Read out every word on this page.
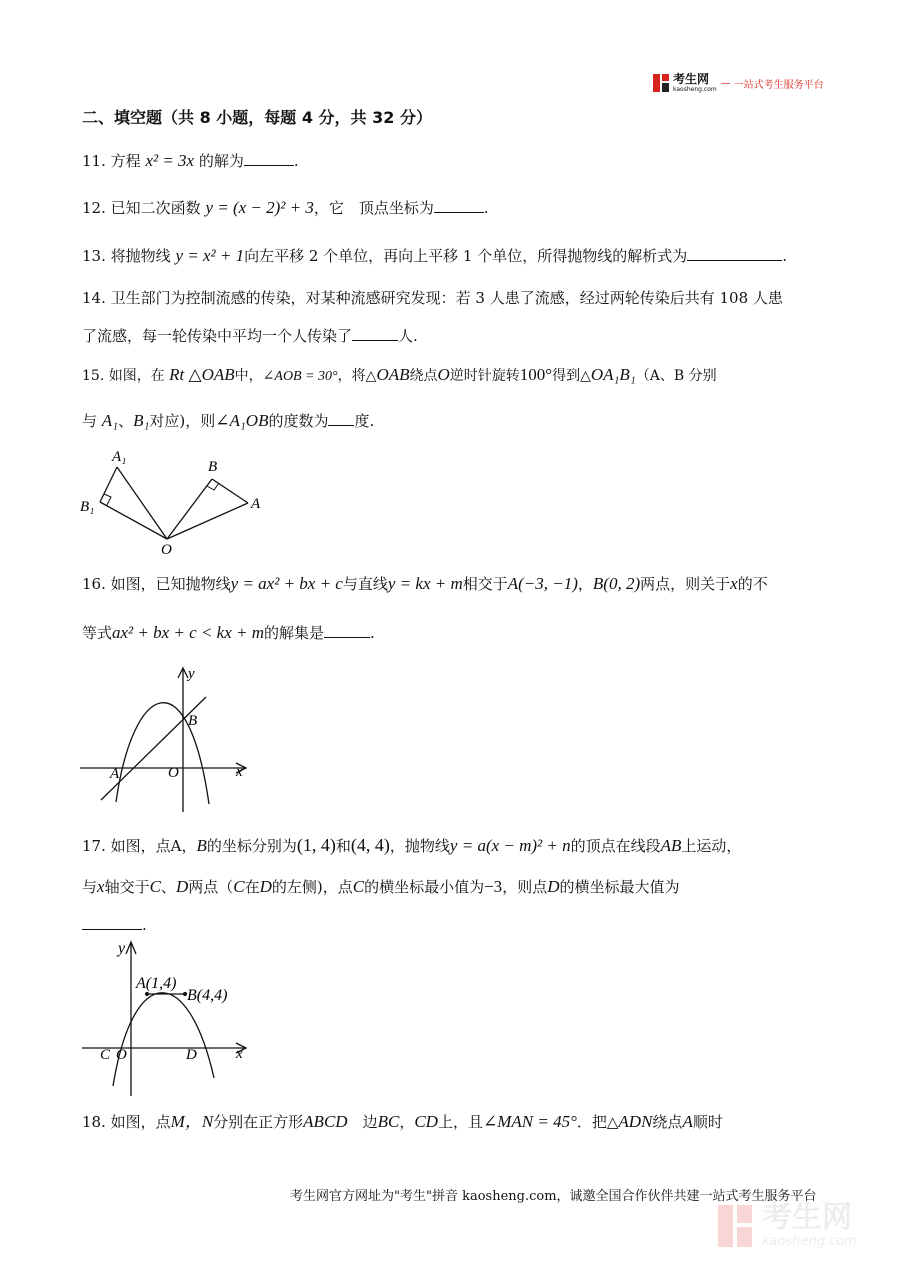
考生网
kaosheng.com
— 一站式考生服务平台
二、填空题（共 8 小题，每题 4 分，共 32 分）
11. 方程 x² = 3x 的解为	.
12. 已知二次函数 y = (x − 2)² + 3，它　顶点坐标为	.
13. 将抛物线 y = x² + 1向左平移 2 个单位，再向上平移 1 个单位，所得抛物线的解析式为	.
14. 卫生部门为控制流感的传染，对某种流感研究发现：若 3 人患了流感，经过两轮传染后共有 108 人患
了流感，每一轮传染中平均一个人传染了	人.
15. 如图，在 Rt △OAB中，∠AOB = 30°，将△OAB绕点O逆时针旋转100°得到△OA₁B₁（A、B 分别
与 A₁、B₁对应)，则∠A₁OB的度数为 度.
A₁
B₁
O
B
A
16. 如图，已知抛物线y = ax² + bx + c与直线y = kx + m相交于A(−3, −1)，B(0, 2)两点，则关于x的不
等式ax² + bx + c < kx + m的解集是	.
y
x
O
A
B
17. 如图，点A，B的坐标分别为(1, 4)和(4, 4)，抛物线y = a(x − m)² + n的顶点在线段AB上运动，
与x轴交于C、D两点（C在D的左侧)，点C的横坐标最小值为−3，则点D的横坐标最大值为
.
y
x
A(1,4)
B(4,4)
C O	D
18. 如图，点M，N分别在正方形ABCD　边BC，CD上，且∠MAN = 45°．把△ADN绕点A顺时
考生网官方网址为"考生"拼音 kaosheng.com，诚邀全国合作伙伴共建一站式考生服务平台
考生网
kaosheng.com
